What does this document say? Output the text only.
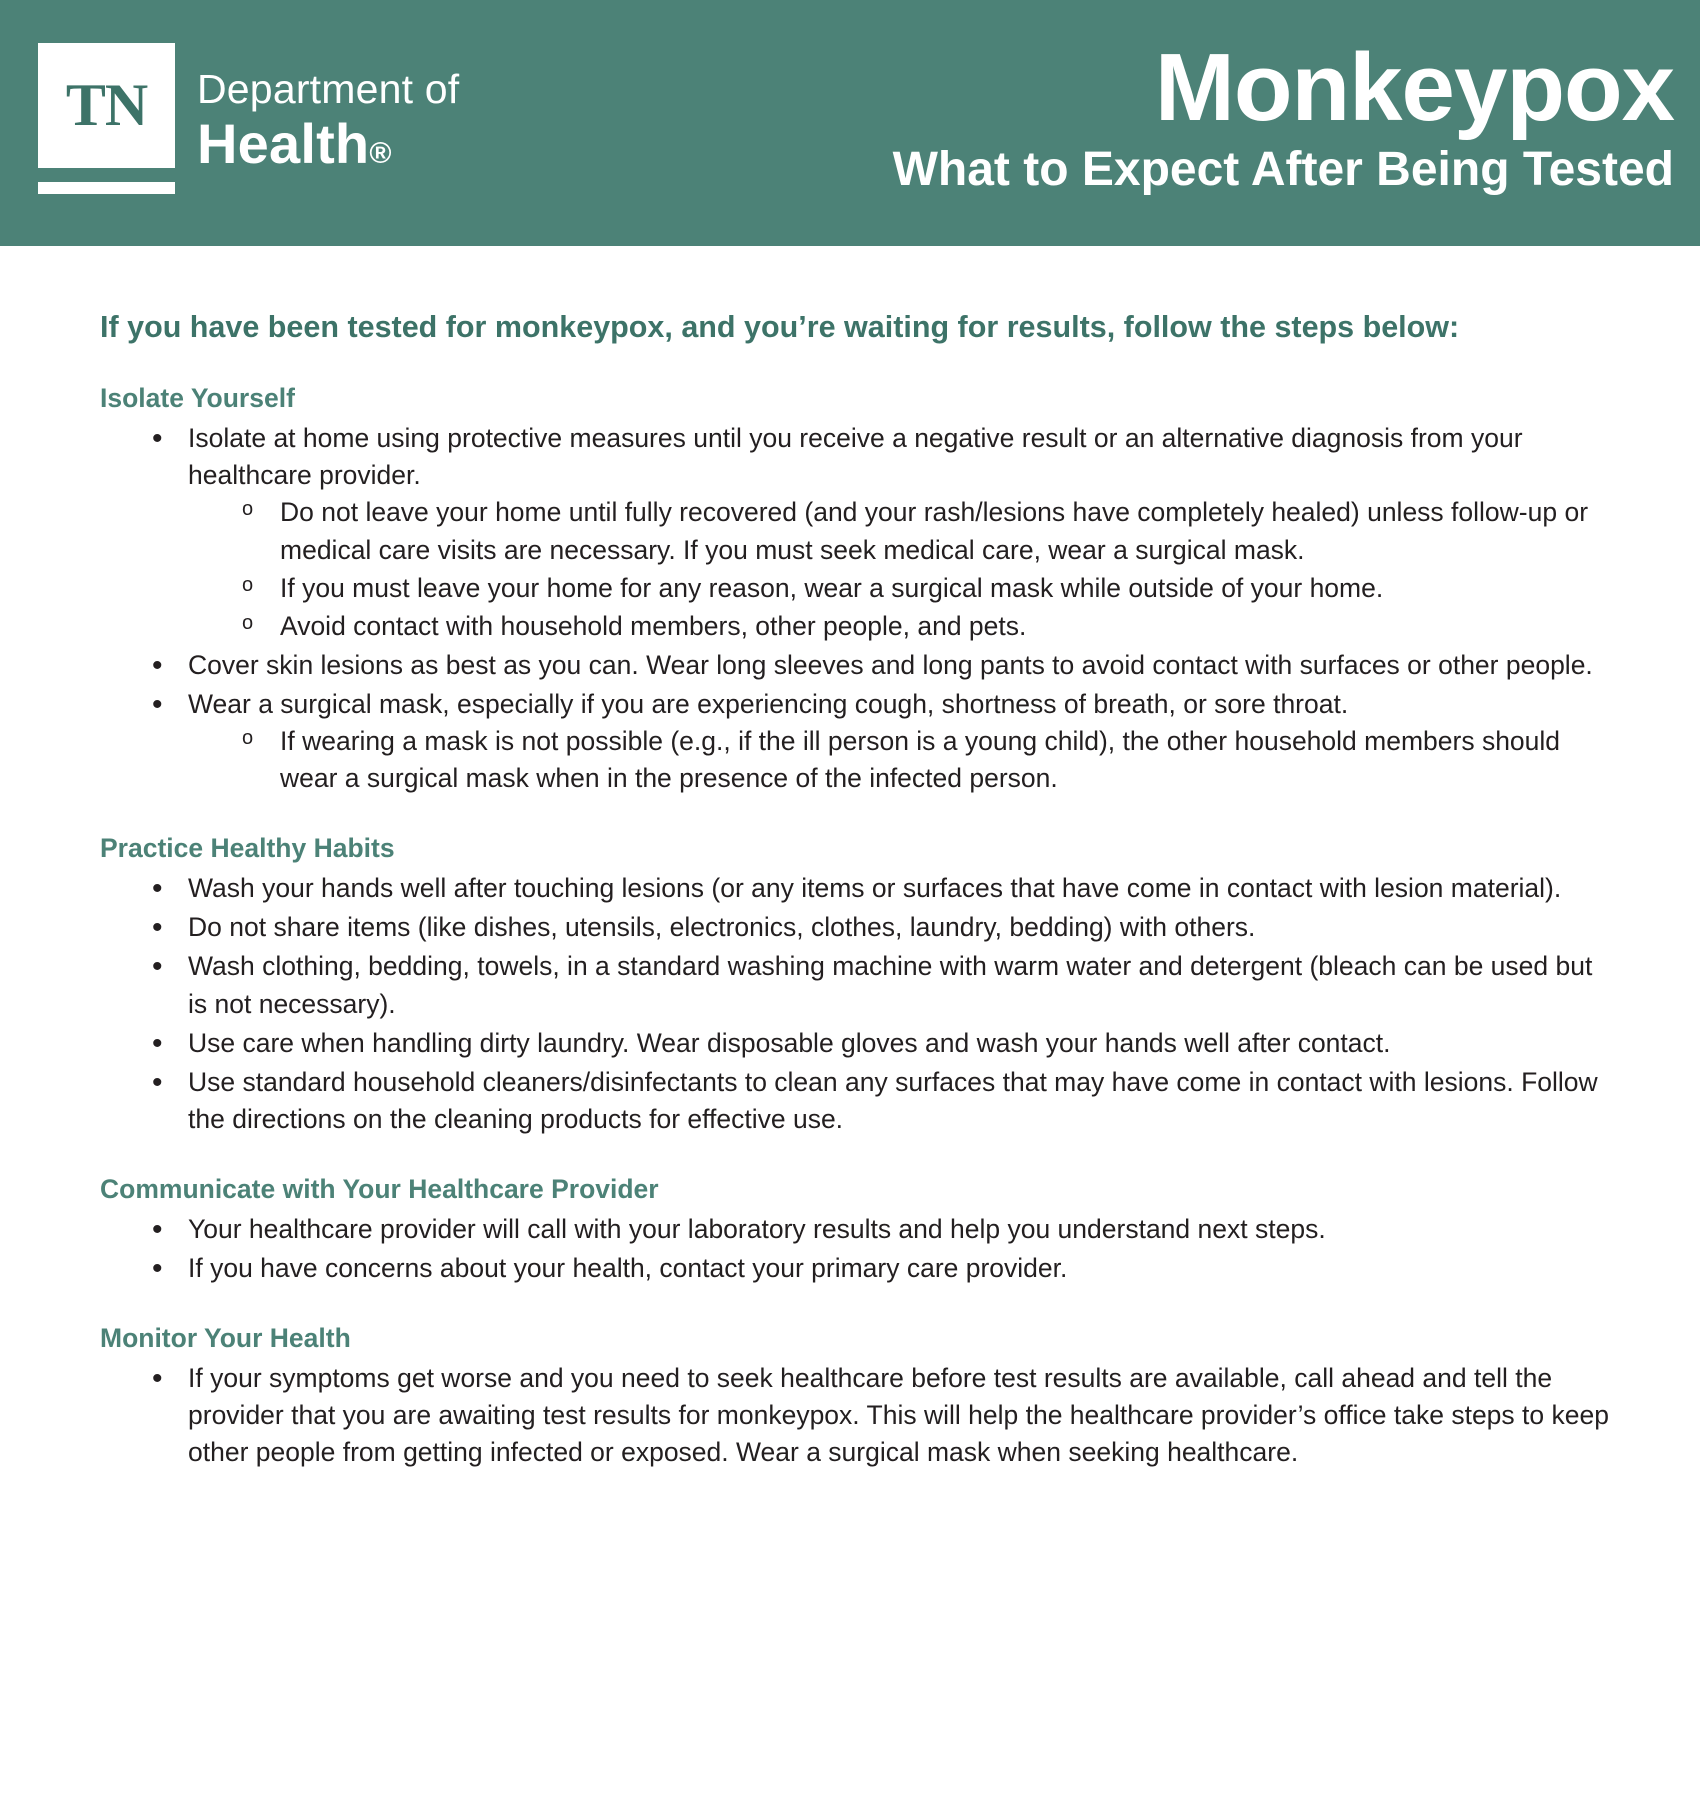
TN Department of
Health®
Monkeypox
What to Expect After Being Tested
If you have been tested for monkeypox, and you’re waiting for results, follow the steps below:
Isolate Yourself
• Isolate at home using protective measures until you receive a negative result or an alternative diagnosis from your healthcare provider.
o Do not leave your home until fully recovered (and your rash/lesions have completely healed) unless follow-up or medical care visits are necessary. If you must seek medical care, wear a surgical mask.
o If you must leave your home for any reason, wear a surgical mask while outside of your home.
o Avoid contact with household members, other people, and pets.
• Cover skin lesions as best as you can. Wear long sleeves and long pants to avoid contact with surfaces or other people.
• Wear a surgical mask, especially if you are experiencing cough, shortness of breath, or sore throat.
o If wearing a mask is not possible (e.g., if the ill person is a young child), the other household members should wear a surgical mask when in the presence of the infected person.
Practice Healthy Habits
• Wash your hands well after touching lesions (or any items or surfaces that have come in contact with lesion material).
• Do not share items (like dishes, utensils, electronics, clothes, laundry, bedding) with others.
• Wash clothing, bedding, towels, in a standard washing machine with warm water and detergent (bleach can be used but is not necessary).
• Use care when handling dirty laundry. Wear disposable gloves and wash your hands well after contact.
• Use standard household cleaners/disinfectants to clean any surfaces that may have come in contact with lesions. Follow the directions on the cleaning products for effective use.
Communicate with Your Healthcare Provider
• Your healthcare provider will call with your laboratory results and help you understand next steps.
• If you have concerns about your health, contact your primary care provider.
Monitor Your Health
• If your symptoms get worse and you need to seek healthcare before test results are available, call ahead and tell the provider that you are awaiting test results for monkeypox. This will help the healthcare provider’s office take steps to keep other people from getting infected or exposed. Wear a surgical mask when seeking healthcare.
